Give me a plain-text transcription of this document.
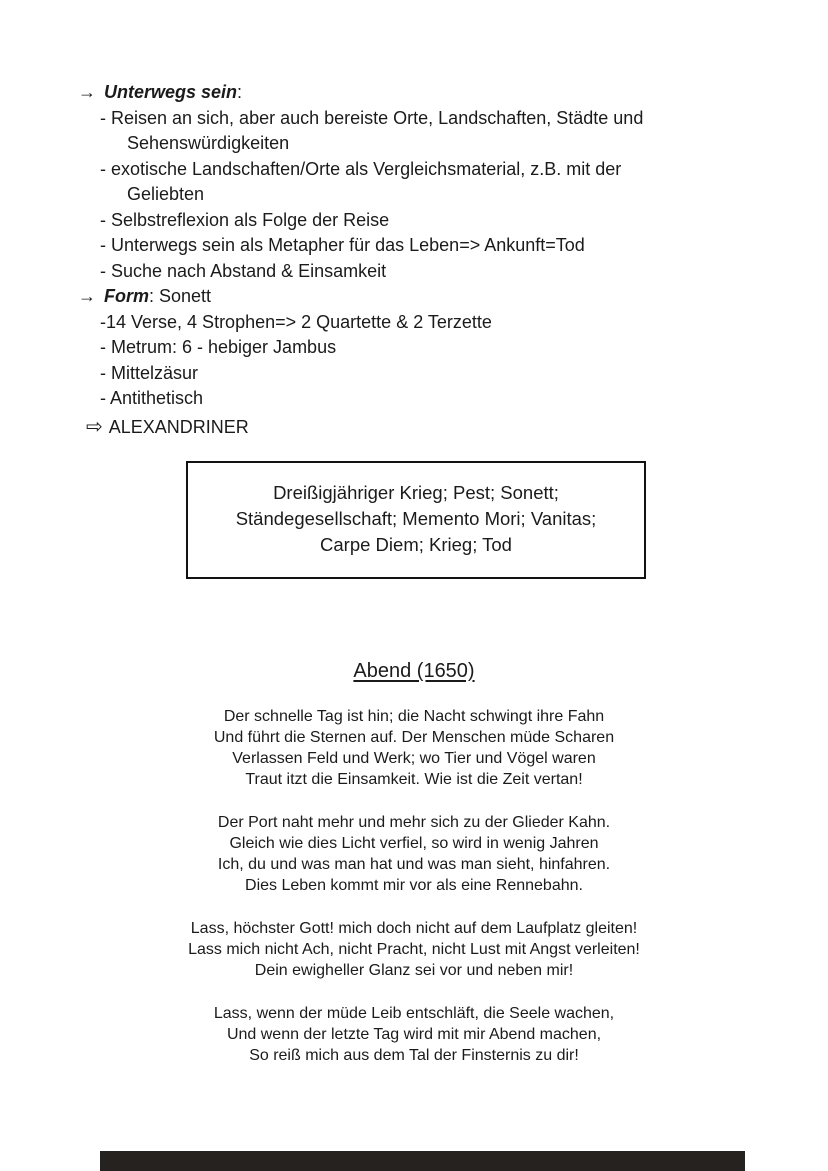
→ Unterwegs sein:
- Reisen an sich, aber auch bereiste Orte, Landschaften, Städte und
Sehenswürdigkeiten
- exotische Landschaften/Orte als Vergleichsmaterial, z.B. mit der
Geliebten
- Selbstreflexion als Folge der Reise
- Unterwegs sein als Metapher für das Leben=> Ankunft=Tod
- Suche nach Abstand & Einsamkeit
→ Form: Sonett
-14 Verse, 4 Strophen=> 2 Quartette & 2 Terzette
- Metrum: 6 - hebiger Jambus
- Mittelzäsur
- Antithetisch
⇨ ALEXANDRINER
Dreißigjähriger Krieg; Pest; Sonett;
Ständegesellschaft; Memento Mori; Vanitas;
Carpe Diem; Krieg; Tod
Abend (1650)
Der schnelle Tag ist hin; die Nacht schwingt ihre Fahn
Und führt die Sternen auf. Der Menschen müde Scharen
Verlassen Feld und Werk; wo Tier und Vögel waren
Traut itzt die Einsamkeit. Wie ist die Zeit vertan!
Der Port naht mehr und mehr sich zu der Glieder Kahn.
Gleich wie dies Licht verfiel, so wird in wenig Jahren
Ich, du und was man hat und was man sieht, hinfahren.
Dies Leben kommt mir vor als eine Rennebahn.
Lass, höchster Gott! mich doch nicht auf dem Laufplatz gleiten!
Lass mich nicht Ach, nicht Pracht, nicht Lust mit Angst verleiten!
Dein ewigheller Glanz sei vor und neben mir!
Lass, wenn der müde Leib entschläft, die Seele wachen,
Und wenn der letzte Tag wird mit mir Abend machen,
So reiß mich aus dem Tal der Finsternis zu dir!
